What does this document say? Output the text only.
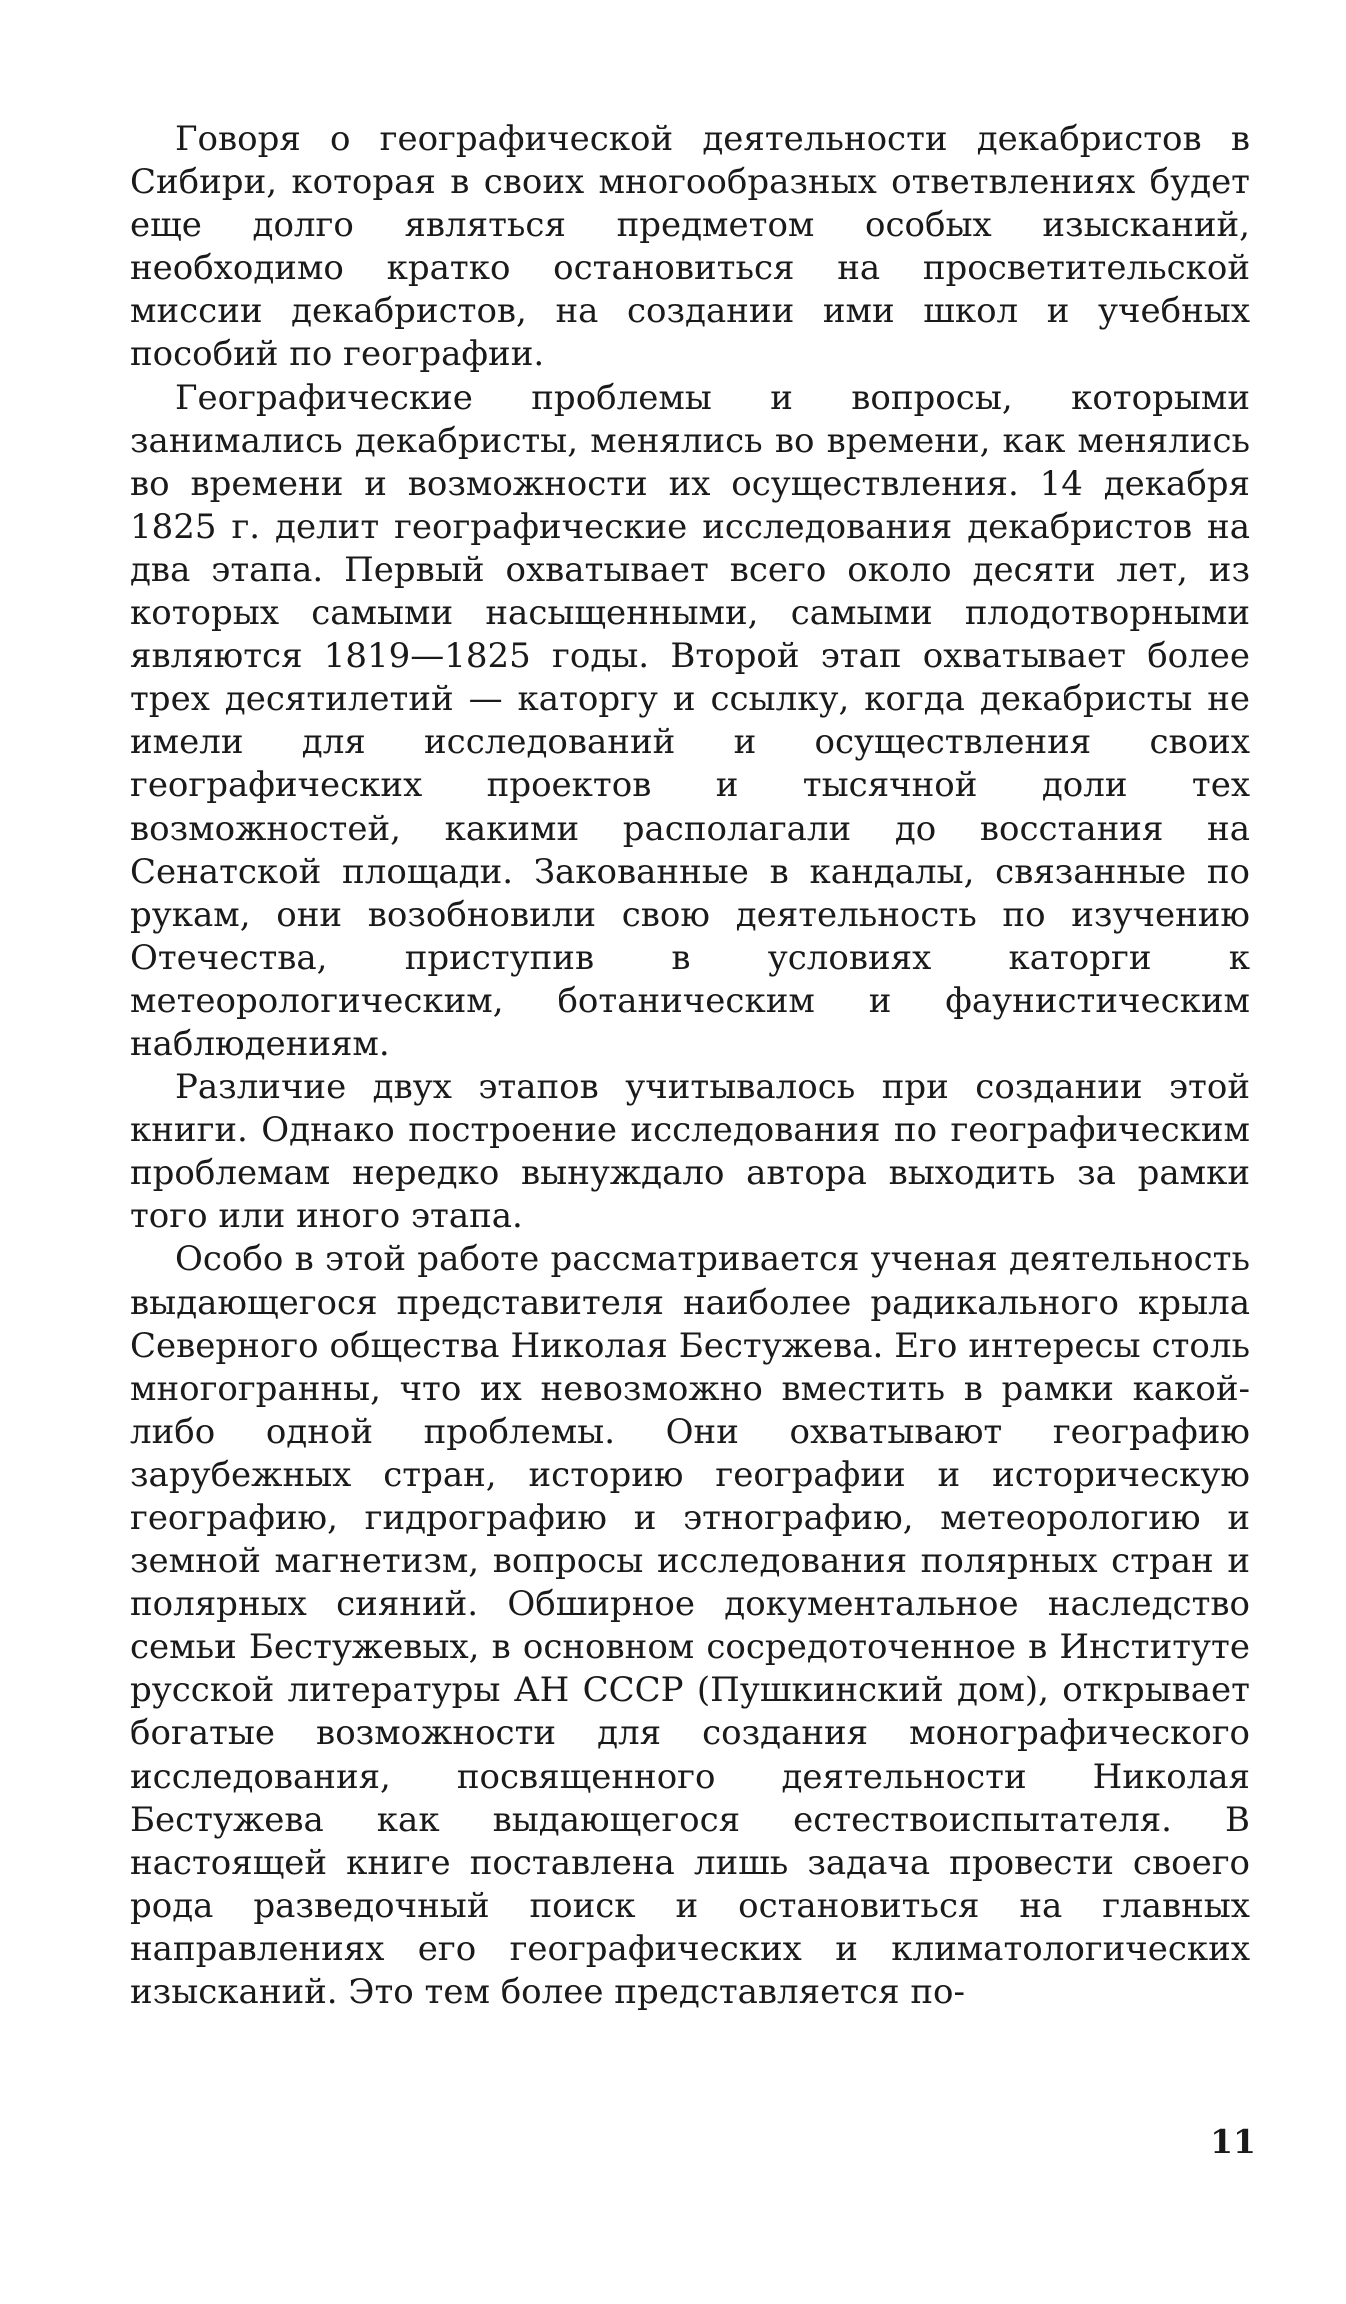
Говоря о географической деятельности декабристов в Сибири, которая в своих многообразных ответвлениях будет еще долго являться предметом особых изысканий, необходимо кратко остановиться на просветительской миссии декабристов, на создании ими школ и учебных пособий по географии.

Географические проблемы и вопросы, которыми занимались декабристы, менялись во времени, как менялись во времени и возможности их осуществления. 14 декабря 1825 г. делит географические исследования декабристов на два этапа. Первый охватывает всего около десяти лет, из которых самыми насыщенными, самыми плодотворными являются 1819—1825 годы. Второй этап охватывает более трех десятилетий — каторгу и ссылку, когда декабристы не имели для исследований и осуществления своих географических проектов и тысячной доли тех возможностей, какими располагали до восстания на Сенатской площади. Закованные в кандалы, связанные по рукам, они возобновили свою деятельность по изучению Отечества, приступив в условиях каторги к метеорологическим, ботаническим и фаунистическим наблюдениям.

Различие двух этапов учитывалось при создании этой книги. Однако построение исследования по географическим проблемам нередко вынуждало автора выходить за рамки того или иного этапа.

Особо в этой работе рассматривается ученая деятельность выдающегося представителя наиболее радикального крыла Северного общества Николая Бестужева. Его интересы столь многогранны, что их невозможно вместить в рамки какой-либо одной проблемы. Они охватывают географию зарубежных стран, историю географии и историческую географию, гидрографию и этнографию, метеорологию и земной магнетизм, вопросы исследования полярных стран и полярных сияний. Обширное документальное наследство семьи Бестужевых, в основном сосредоточенное в Институте русской литературы АН СССР (Пушкинский дом), открывает богатые возможности для создания монографического исследования, посвященного деятельности Николая Бестужева как выдающегося естествоиспытателя. В настоящей книге поставлена лишь задача провести своего рода разведочный поиск и остановиться на главных направлениях его географических и климатологических изысканий. Это тем более представляется по-

11
